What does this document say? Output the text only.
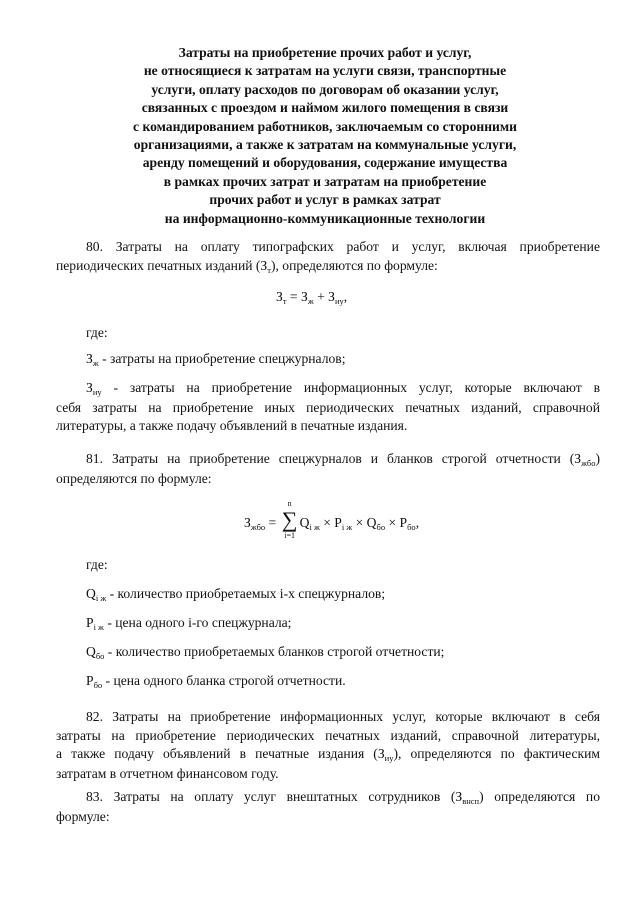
Затраты на приобретение прочих работ и услуг,
не относящиеся к затратам на услуги связи, транспортные
услуги, оплату расходов по договорам об оказании услуг,
связанных с проездом и наймом жилого помещения в связи
с командированием работников, заключаемым со сторонними
организациями, а также к затратам на коммунальные услуги,
аренду помещений и оборудования, содержание имущества
в рамках прочих затрат и затратам на приобретение
прочих работ и услуг в рамках затрат
на информационно-коммуникационные технологии
80. Затраты на оплату типографских работ и услуг, включая приобретение
периодических печатных изданий $(З_т)$, определяются по формуле:
$З_т = З_ж + З_{иу}$,
где:
$З_ж$ - затраты на приобретение спецжурналов;
$З_{иу}$ - затраты на приобретение информационных услуг, которые включают в
себя затраты на приобретение иных периодических печатных изданий, справочной
литературы, а также подачу объявлений в печатные издания.
81. Затраты на приобретение спецжурналов и бланков строгой отчетности $(З_{жбо})$
определяются по формуле:
$З_{жбо}$ =
n
∑
i=1
$Q_{i ж} \times P_{i ж} \times Q_{бо} \times P_{бо}$,
где:
$Q_{i ж}$ - количество приобретаемых i-х спецжурналов;
$P_{i ж}$ - цена одного i-го спецжурнала;
$Q_{бо}$ - количество приобретаемых бланков строгой отчетности;
$P_{бо}$ - цена одного бланка строгой отчетности.
82. Затраты на приобретение информационных услуг, которые включают в себя
затраты на приобретение периодических печатных изданий, справочной литературы,
а также подачу объявлений в печатные издания $(З_{иу})$, определяются по фактическим
затратам в отчетном финансовом году.
83. Затраты на оплату услуг внештатных сотрудников $(З_{внсп})$ определяются по
формуле:
